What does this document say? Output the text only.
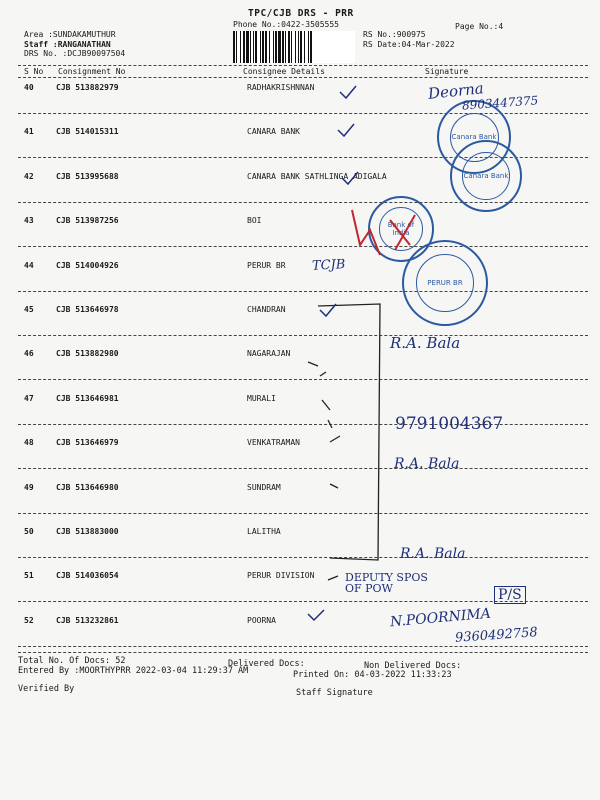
TPC/CJB DRS - PRR
Phone No.:0422-3505555	Page No.:4
Area :SUNDAKAMUTHUR
Staff :RANGANATHAN
DRS No. :DCJB90097504
RS No.:900975
RS Date:04-Mar-2022
S No Consignment No	Consignee Details	Signature
40	CJB 513882979	RADHAKRISHNNAN
41	CJB 514015311	CANARA BANK
42	CJB 513995688	CANARA BANK SATHLINGA ADIGALA
43	CJB 513987256	BOI
44	CJB 514004926	PERUR BR
45	CJB 513646978	CHANDRAN
46	CJB 513882980	NAGARAJAN
47	CJB 513646981	MURALI
48	CJB 513646979	VENKATRAMAN
49	CJB 513646980	SUNDRAM
50	CJB 513883000	LALITHA
51	CJB 514036054	PERUR DIVISION
52	CJB 513232861	POORNA
Canara Bank
Canara Bank
Bank of India
PERUR BR
Deorna
8903447375
TCJB
R.A. Bala
9791004367
R.A. Bala
R.A. Bala
DEPUTY SPOS OF POW	P/S
N.POORNIMA
9360492758
Total No. Of Docs: 52	Delivered Docs:	Non Delivered Docs:
Entered By :MOORTHYPRR 2022-03-04 11:29:37 AM	Printed On: 04-03-2022 11:33:23
Verified By	Staff Signature
